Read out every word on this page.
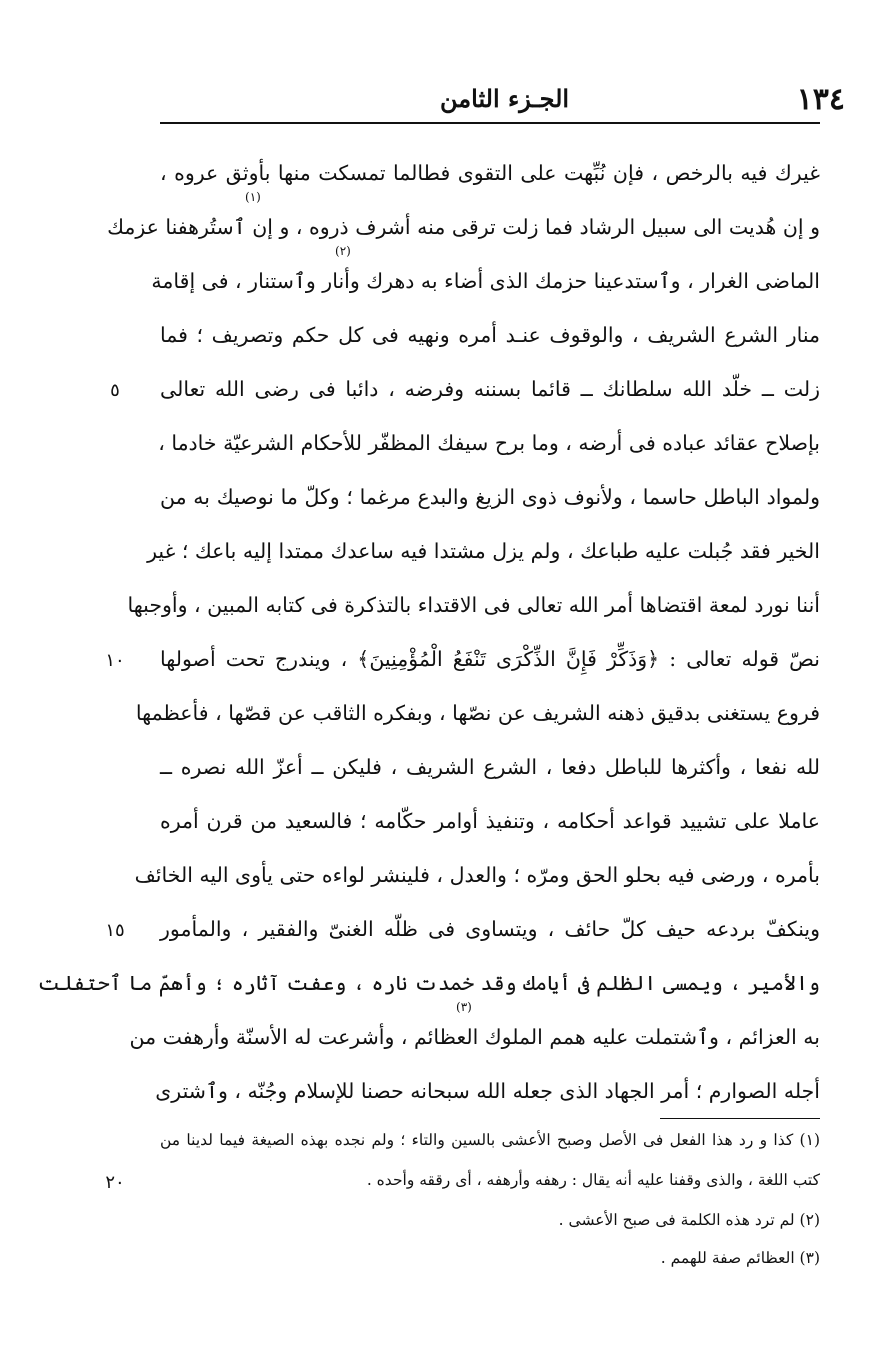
١٣٤
الجـزء الثامن
غيرك فيه بالرخص ، فإن نُبِّهت على التقوى فطالما تمسكت منها بأوثق عروه ،
و إن هُديت الى سبيل الرشاد فما زلت ترقى منه أشرف ذروه ، و إن ٱستُرهفنا عزمك
الماضى الغرار ، وٱستدعينا حزمك الذى أضاء به دهرك وأنار وٱستنار ، فى إقامة
منار الشرع الشريف ، والوقوف عنـد أمره ونهيه فى كل حكم وتصريف ؛ فما
زلت ــ خلّد الله سلطانك ــ قائما بسننه وفرضه ، دائبا فى رضى الله تعالى
بإصلاح عقائد عباده فى أرضه ، وما برح سيفك المظفّر للأحكام الشرعيّة خادما ،
ولمواد الباطل حاسما ، ولأنوف ذوى الزيغ والبدع مرغما ؛ وكلّ ما نوصيك به من
الخير فقد جُبلت عليه طباعك ، ولم يزل مشتدا فيه ساعدك ممتدا إليه باعك ؛ غير
أننا نورد لمعة اقتضاها أمر الله تعالى فى الاقتداء بالتذكرة فى كتابه المبين ، وأوجبها
نصّ قوله تعالى : ﴿وَذَكِّرْ فَإِنَّ الذِّكْرَى تَنْفَعُ الْمُؤْمِنِينَ﴾ ، ويندرج تحت أصولها
فروع يستغنى بدقيق ذهنه الشريف عن نصّها ، وبفكره الثاقب عن قصّها ، فأعظمها
لله نفعا ، وأكثرها للباطل دفعا ، الشرع الشريف ، فليكن ــ أعزّ الله نصره ــ
عاملا على تشييد قواعد أحكامه ، وتنفيذ أوامر حكّامه ؛ فالسعيد من قرن أمره
بأمره ، ورضى فيه بحلو الحق ومرّه ؛ والعدل ، فلينشر لواءه حتى يأوى اليه الخائف
وينكفّ بردعه حيف كلّ حائف ، ويتساوى فى ظلّه الغنىّ والفقير ، والمأمور
والأمير ، ويمسى الظلم فى أيامك وقد خمدت ناره ، وعفت آثاره ؛ وأهمّ ما ٱحتفلت
به العزائم ، وٱشتملت عليه همم الملوك العظائم ، وأشرعت له الأسنّة وأرهفت من
أجله الصوارم ؛ أمر الجهاد الذى جعله الله سبحانه حصنا للإسلام وجُنّه ، وٱشترى
(١)
(٢)
(٣)
٥
١٠
١٥
٢٠
(١) كذا و رد هذا الفعل فى الأصل وصبح الأعشى بالسين والتاء ؛ ولم نجده بهذه الصيغة فيما لدينا من
كتب اللغة ، والذى وقفنا عليه أنه يقال : رهفه وأرهفه ، أى رققه وأحده .
(٢) لم ترد هذه الكلمة فى صبح الأعشى .
(٣) العظائم صفة للهمم .
